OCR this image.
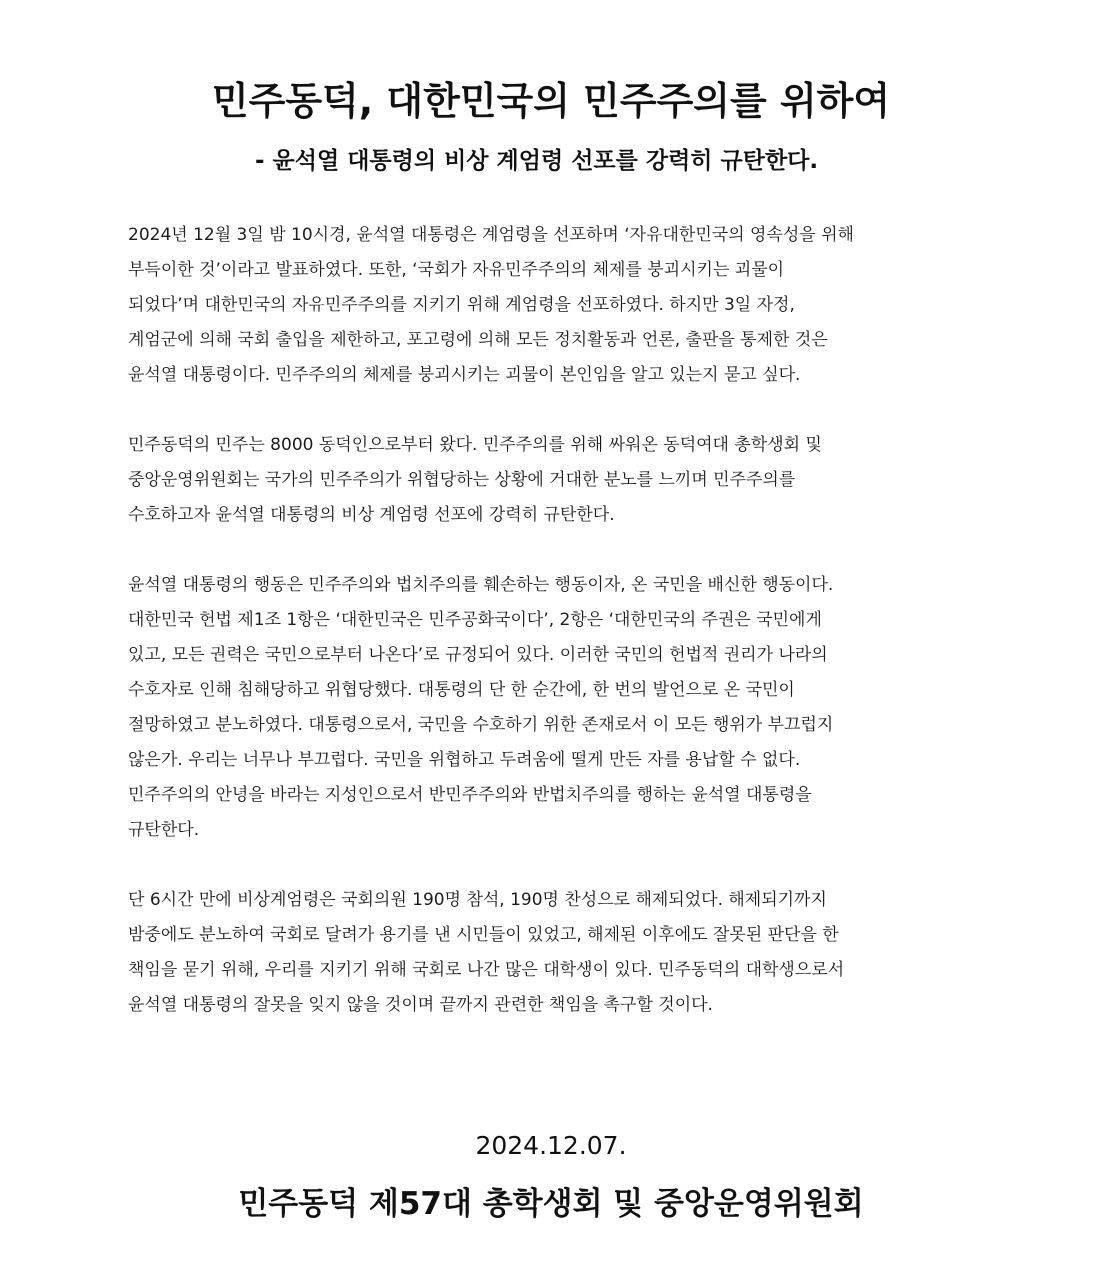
민주동덕, 대한민국의 민주주의를 위하여
- 윤석열 대통령의 비상 계엄령 선포를 강력히 규탄한다.
2024년 12월 3일 밤 10시경, 윤석열 대통령은 계엄령을 선포하며 ‘자유대한민국의 영속성을 위해
부득이한 것’이라고 발표하였다. 또한, ‘국회가 자유민주주의의 체제를 붕괴시키는 괴물이
되었다’며 대한민국의 자유민주주의를 지키기 위해 계엄령을 선포하였다. 하지만 3일 자정,
계엄군에 의해 국회 출입을 제한하고, 포고령에 의해 모든 정치활동과 언론, 출판을 통제한 것은
윤석열 대통령이다. 민주주의의 체제를 붕괴시키는 괴물이 본인임을 알고 있는지 묻고 싶다.
민주동덕의 민주는 8000 동덕인으로부터 왔다. 민주주의를 위해 싸워온 동덕여대 총학생회 및
중앙운영위원회는 국가의 민주주의가 위협당하는 상황에 거대한 분노를 느끼며 민주주의를
수호하고자 윤석열 대통령의 비상 계엄령 선포에 강력히 규탄한다.
윤석열 대통령의 행동은 민주주의와 법치주의를 훼손하는 행동이자, 온 국민을 배신한 행동이다.
대한민국 헌법 제1조 1항은 ‘대한민국은 민주공화국이다’, 2항은 ‘대한민국의 주권은 국민에게
있고, 모든 권력은 국민으로부터 나온다’로 규정되어 있다. 이러한 국민의 헌법적 권리가 나라의
수호자로 인해 침해당하고 위협당했다. 대통령의 단 한 순간에, 한 번의 발언으로 온 국민이
절망하였고 분노하였다. 대통령으로서, 국민을 수호하기 위한 존재로서 이 모든 행위가 부끄럽지
않은가. 우리는 너무나 부끄럽다. 국민을 위협하고 두려움에 떨게 만든 자를 용납할 수 없다.
민주주의의 안녕을 바라는 지성인으로서 반민주주의와 반법치주의를 행하는 윤석열 대통령을
규탄한다.
단 6시간 만에 비상계엄령은 국회의원 190명 참석, 190명 찬성으로 해제되었다. 해제되기까지
밤중에도 분노하여 국회로 달려가 용기를 낸 시민들이 있었고, 해제된 이후에도 잘못된 판단을 한
책임을 묻기 위해, 우리를 지키기 위해 국회로 나간 많은 대학생이 있다. 민주동덕의 대학생으로서
윤석열 대통령의 잘못을 잊지 않을 것이며 끝까지 관련한 책임을 촉구할 것이다.
2024.12.07.
민주동덕 제57대 총학생회 및 중앙운영위원회
